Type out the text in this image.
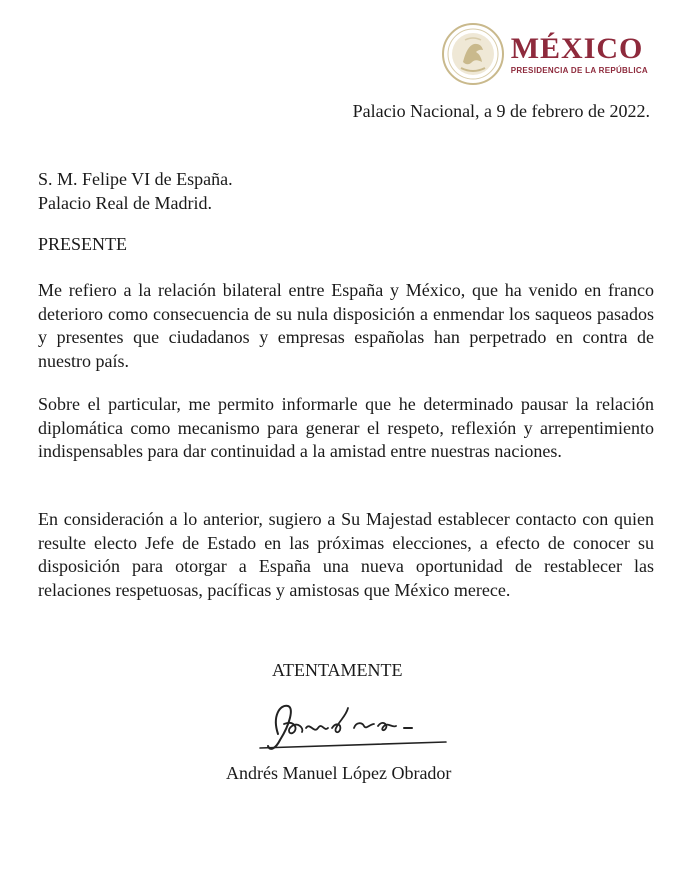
MÉXICO
PRESIDENCIA DE LA REPÚBLICA
Palacio Nacional, a 9 de febrero de 2022.
S. M. Felipe VI de España.
Palacio Real de Madrid.
PRESENTE
Me refiero a la relación bilateral entre España y México, que ha venido en franco deterioro como consecuencia de su nula disposición a enmendar los saqueos pasados y presentes que ciudadanos y empresas españolas han perpetrado en contra de nuestro país.
Sobre el particular, me permito informarle que he determinado pausar la relación diplomática como mecanismo para generar el respeto, reflexión y arrepentimiento indispensables para dar continuidad a la amistad entre nuestras naciones.
En consideración a lo anterior, sugiero a Su Majestad establecer contacto con quien resulte electo Jefe de Estado en las próximas elecciones, a efecto de conocer su disposición para otorgar a España una nueva oportunidad de restablecer las relaciones respetuosas, pacíficas y amistosas que México merece.
ATENTAMENTE
Andrés Manuel López Obrador
